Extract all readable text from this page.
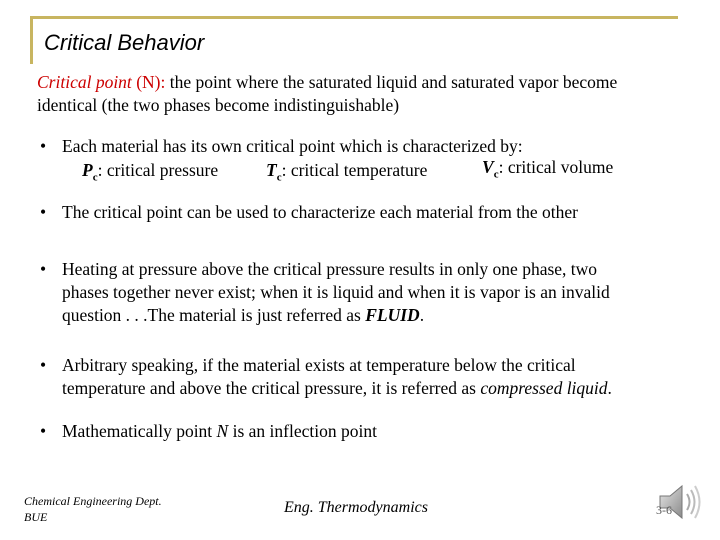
Critical Behavior
Critical point (N): the point where the saturated liquid and saturated vapor become
identical (the two phases become indistinguishable)
• Each material has its own critical point which is characterized by:
$P_c$: critical pressure	$T_c$: critical temperature	$V_c$: critical volume
• The critical point can be used to characterize each material from the other
• Heating at pressure above the critical pressure results in only one phase, two
phases together never exist; when it is liquid and when it is vapor is an invalid
question . . .The material is just referred as FLUID.
• Arbitrary speaking, if the material exists at temperature below the critical
temperature and above the critical pressure, it is referred as compressed liquid.
• Mathematically point N is an inflection point
Chemical Engineering Dept.
BUE
Eng. Thermodynamics	3-6
